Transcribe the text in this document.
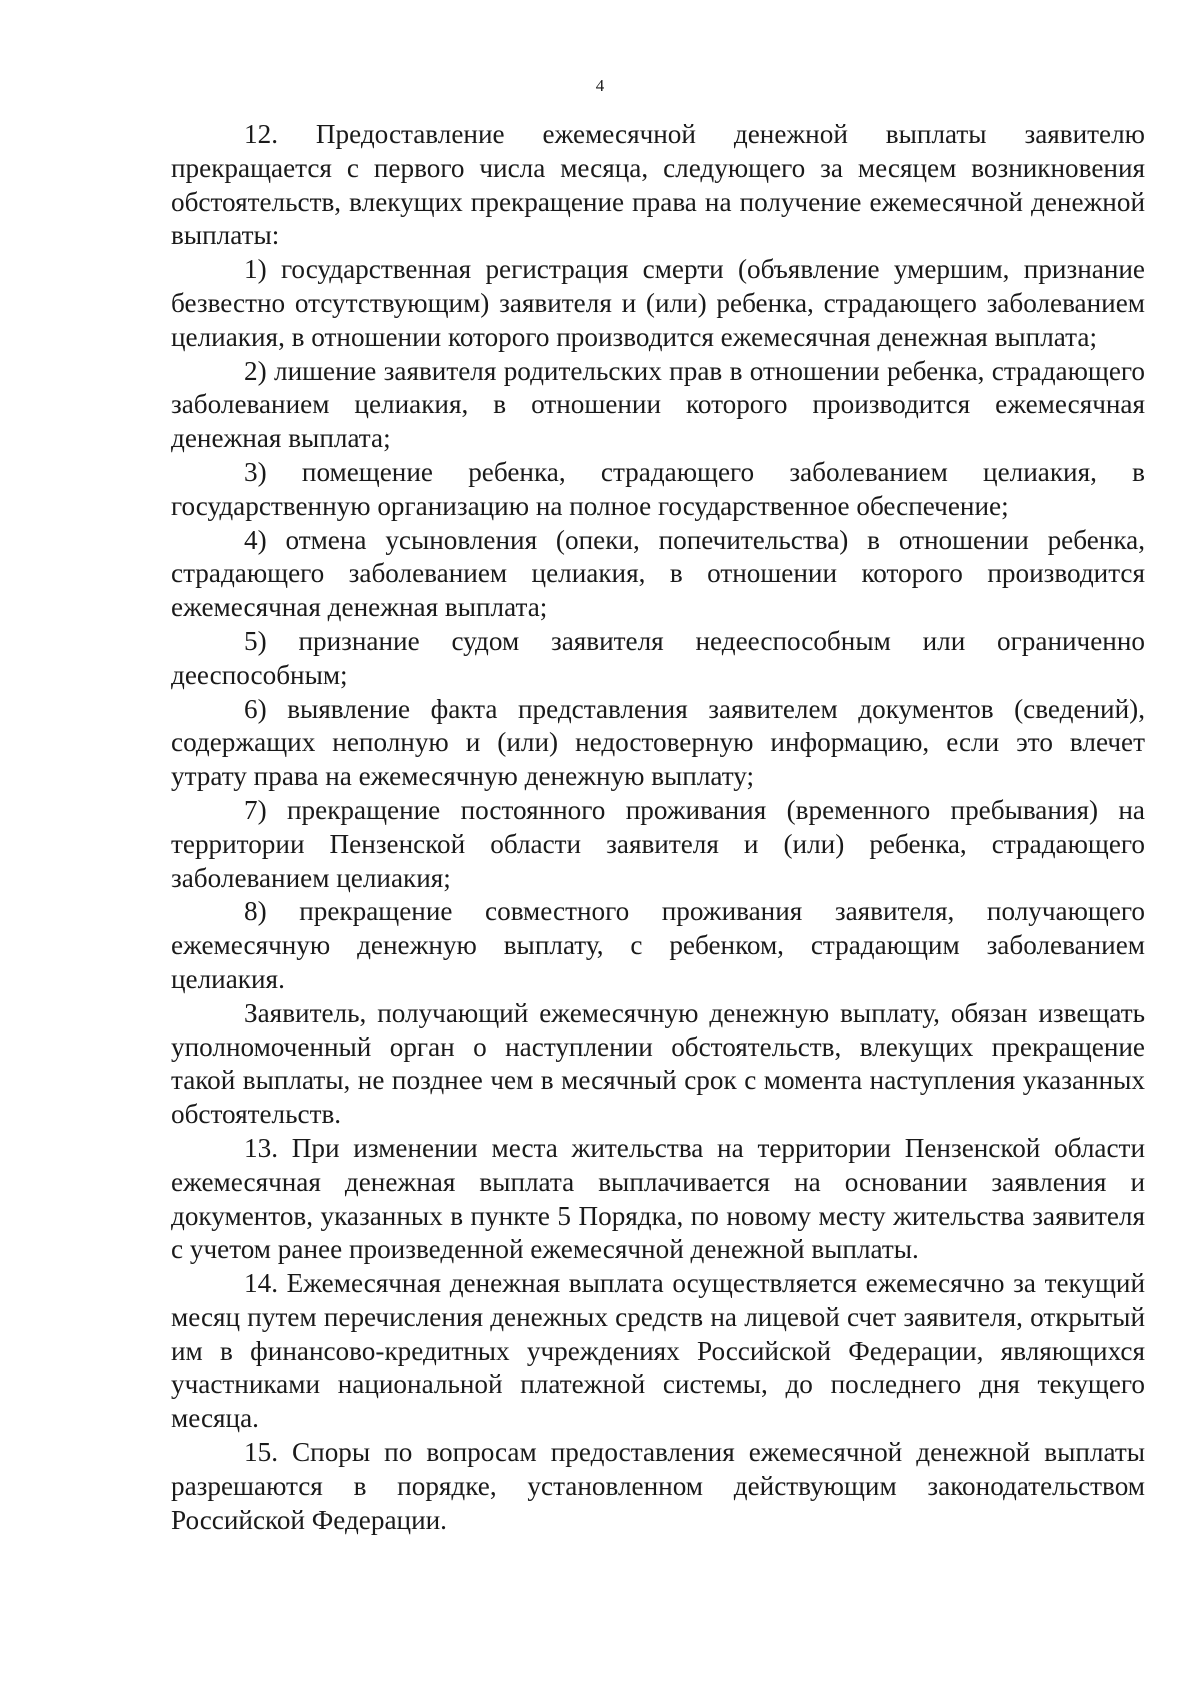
4

12. Предоставление ежемесячной денежной выплаты заявителю прекращается с первого числа месяца, следующего за месяцем возникновения обстоятельств, влекущих прекращение права на получение ежемесячной денежной выплаты:

1) государственная регистрация смерти (объявление умершим, признание безвестно отсутствующим) заявителя и (или) ребенка, страдающего заболеванием целиакия, в отношении которого производится ежемесячная денежная выплата;

2) лишение заявителя родительских прав в отношении ребенка, страдающего заболеванием целиакия, в отношении которого производится ежемесячная денежная выплата;

3) помещение ребенка, страдающего заболеванием целиакия, в государственную организацию на полное государственное обеспечение;

4) отмена усыновления (опеки, попечительства) в отношении ребенка, страдающего заболеванием целиакия, в отношении которого производится ежемесячная денежная выплата;

5) признание судом заявителя недееспособным или ограниченно дееспособным;

6) выявление факта представления заявителем документов (сведений), содержащих неполную и (или) недостоверную информацию, если это влечет утрату права на ежемесячную денежную выплату;

7) прекращение постоянного проживания (временного пребывания) на территории Пензенской области заявителя и (или) ребенка, страдающего заболеванием целиакия;

8) прекращение совместного проживания заявителя, получающего ежемесячную денежную выплату, с ребенком, страдающим заболеванием целиакия.

Заявитель, получающий ежемесячную денежную выплату, обязан извещать уполномоченный орган о наступлении обстоятельств, влекущих прекращение такой выплаты, не позднее чем в месячный срок с момента наступления указанных обстоятельств.

13. При изменении места жительства на территории Пензенской области ежемесячная денежная выплата выплачивается на основании заявления и документов, указанных в пункте 5 Порядка, по новому месту жительства заявителя с учетом ранее произведенной ежемесячной денежной выплаты.

14. Ежемесячная денежная выплата осуществляется ежемесячно за текущий месяц путем перечисления денежных средств на лицевой счет заявителя, открытый им в финансово-кредитных учреждениях Российской Федерации, являющихся участниками национальной платежной системы, до последнего дня текущего месяца.

15. Споры по вопросам предоставления ежемесячной денежной выплаты разрешаются в порядке, установленном действующим законодательством Российской Федерации.
